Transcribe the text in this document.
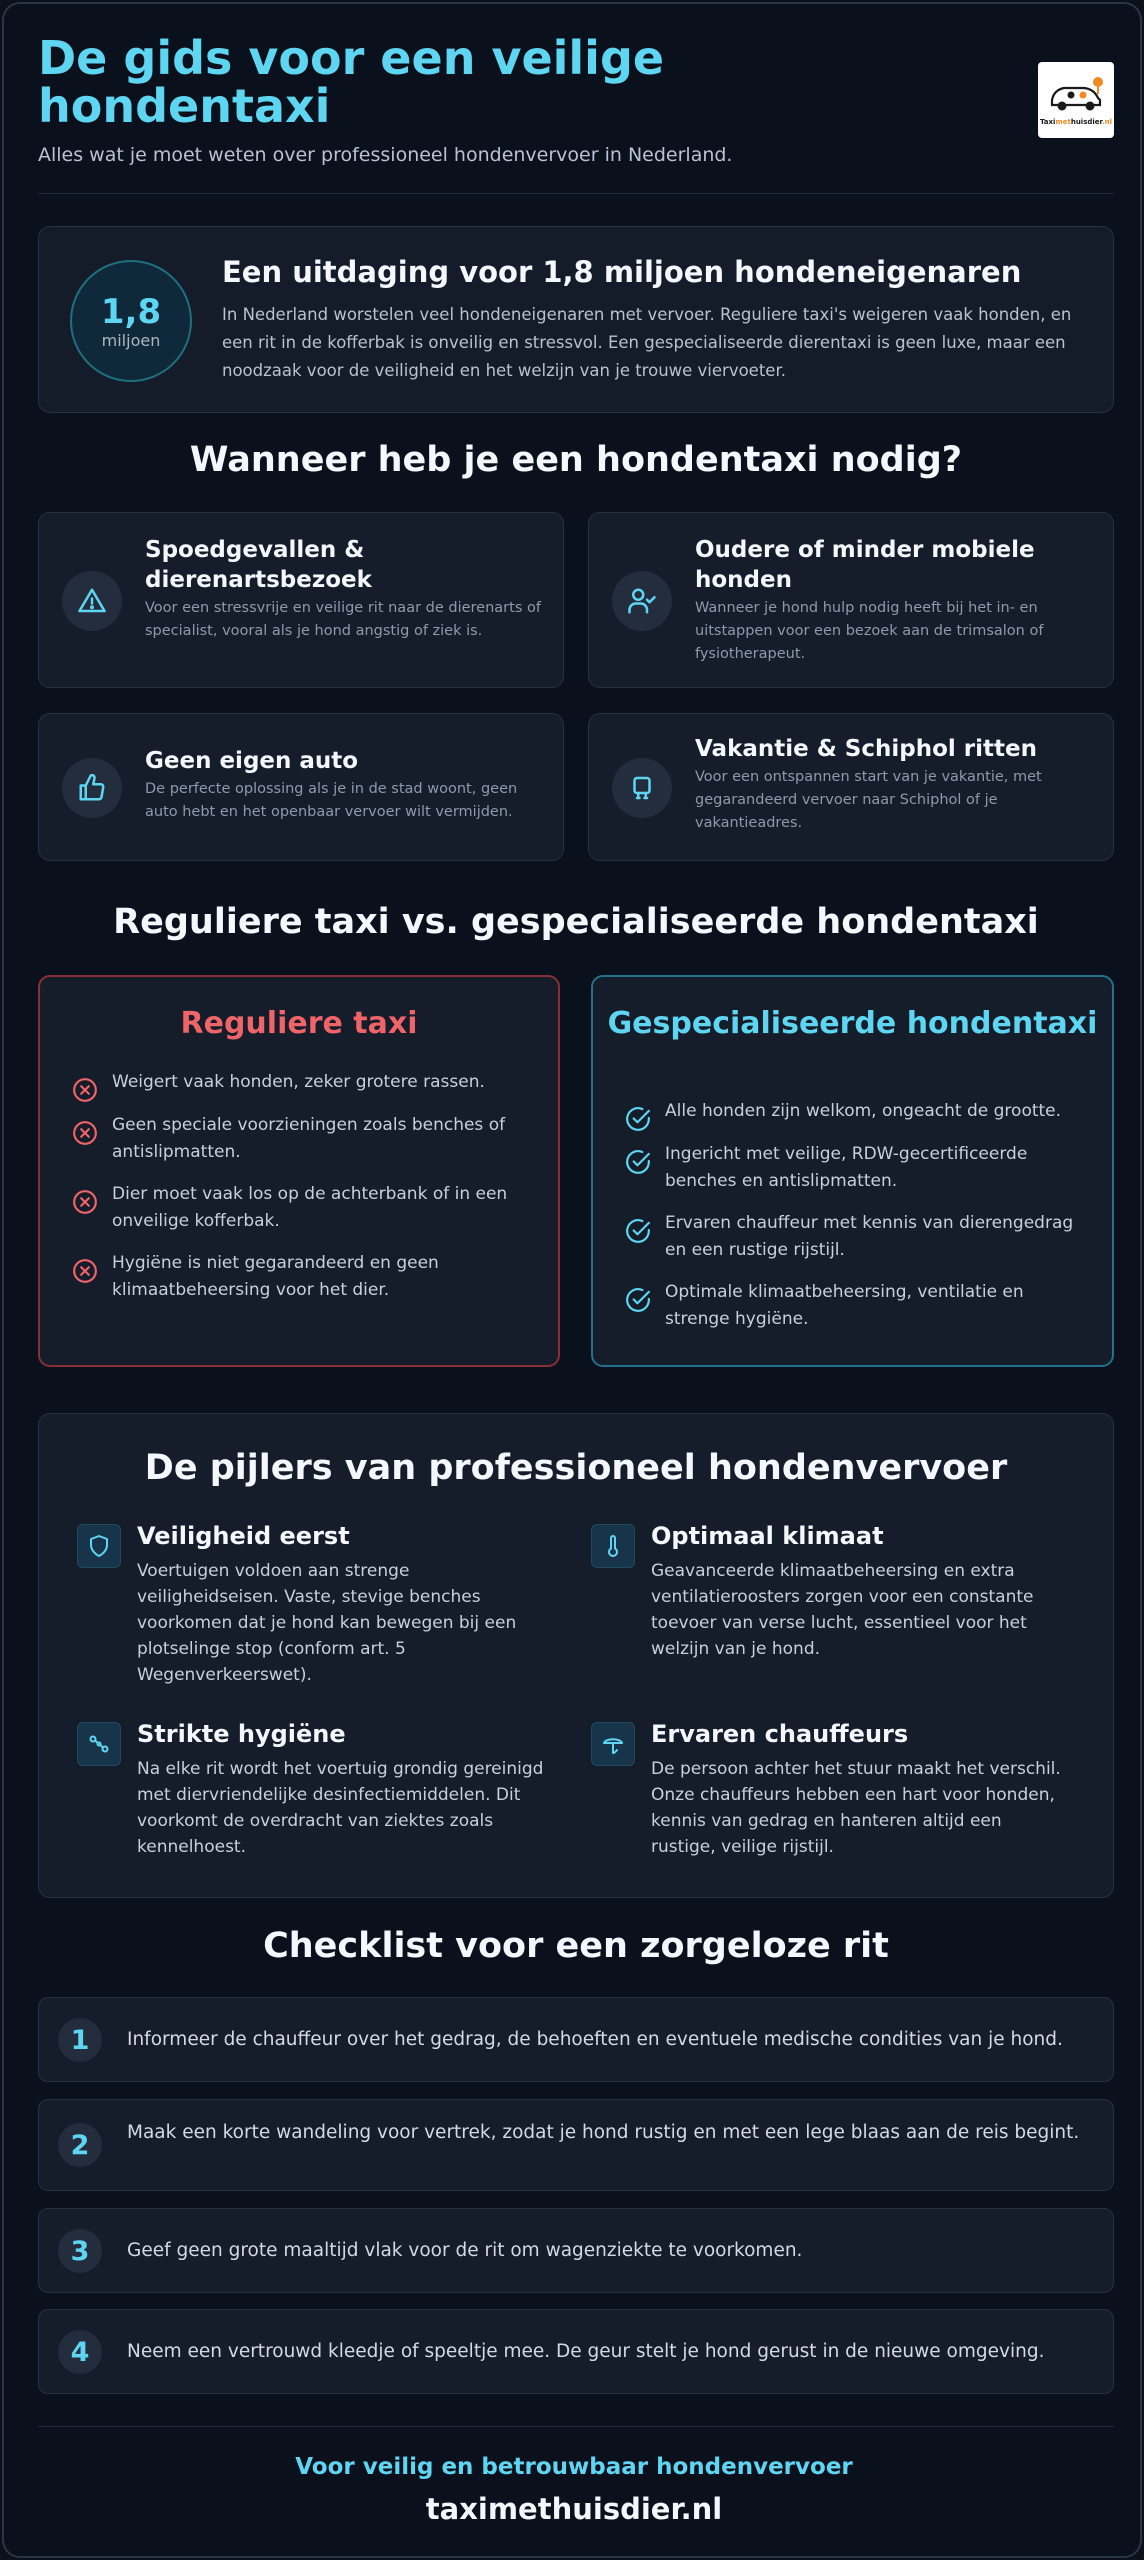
De gids voor een veilige hondentaxi

Alles wat je moet weten over professioneel hondenvervoer in Nederland.

Taximethuisdier.nl
1,8
miljoen
Een uitdaging voor 1,8 miljoen hondeneigenaren

In Nederland worstelen veel hondeneigenaren met vervoer. Reguliere taxi's weigeren vaak honden, en een rit in de kofferbak is onveilig en stressvol. Een gespecialiseerde dierentaxi is geen luxe, maar een noodzaak voor de veiligheid en het welzijn van je trouwe viervoeter.

Wanneer heb je een hondentaxi nodig?
Spoedgevallen & dierenartsbezoek
Voor een stressvrije en veilige rit naar de dierenarts of specialist, vooral als je hond angstig of ziek is.
Oudere of minder mobiele honden
Wanneer je hond hulp nodig heeft bij het in- en uitstappen voor een bezoek aan de trimsalon of fysiotherapeut.
Geen eigen auto
De perfecte oplossing als je in de stad woont, geen auto hebt en het openbaar vervoer wilt vermijden.
Vakantie & Schiphol ritten
Voor een ontspannen start van je vakantie, met gegarandeerd vervoer naar Schiphol of je vakantieadres.
Reguliere taxi vs. gespecialiseerde hondentaxi
Reguliere taxi
Weigert vaak honden, zeker grotere rassen.
Geen speciale voorzieningen zoals benches of antislipmatten.
Dier moet vaak los op de achterbank of in een onveilige kofferbak.
Hygiëne is niet gegarandeerd en geen klimaatbeheersing voor het dier.
Gespecialiseerde hondentaxi
Alle honden zijn welkom, ongeacht de grootte.
Ingericht met veilige, RDW-gecertificeerde benches en antislipmatten.
Ervaren chauffeur met kennis van dierengedrag en een rustige rijstijl.
Optimale klimaatbeheersing, ventilatie en strenge hygiëne.
De pijlers van professioneel hondenvervoer
Veiligheid eerst
Voertuigen voldoen aan strenge veiligheidseisen. Vaste, stevige benches voorkomen dat je hond kan bewegen bij een plotselinge stop (conform art. 5 Wegenverkeerswet).
Optimaal klimaat
Geavanceerde klimaatbeheersing en extra ventilatieroosters zorgen voor een constante toevoer van verse lucht, essentieel voor het welzijn van je hond.
Strikte hygiëne
Na elke rit wordt het voertuig grondig gereinigd met diervriendelijke desinfectiemiddelen. Dit voorkomt de overdracht van ziektes zoals kennelhoest.
Ervaren chauffeurs
De persoon achter het stuur maakt het verschil. Onze chauffeurs hebben een hart voor honden, kennis van gedrag en hanteren altijd een rustige, veilige rijstijl.
Checklist voor een zorgeloze rit
1	Informeer de chauffeur over het gedrag, de behoeften en eventuele medische condities van je hond.
2	Maak een korte wandeling voor vertrek, zodat je hond rustig en met een lege blaas aan de reis begint.
3	Geef geen grote maaltijd vlak voor de rit om wagenziekte te voorkomen.
4	Neem een vertrouwd kleedje of speeltje mee. De geur stelt je hond gerust in de nieuwe omgeving.
Voor veilig en betrouwbaar hondenvervoer
taximethuisdier.nl
